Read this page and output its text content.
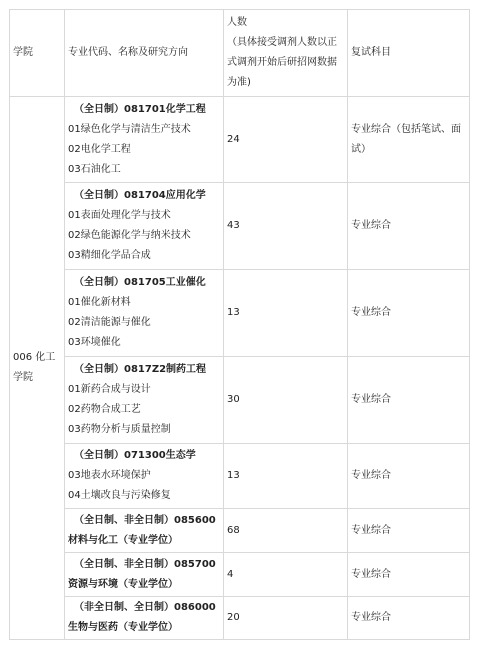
学院	专业代码、名称及研究方向	人数
（具体接受调剂人数以正
式调剂开始后研招网数据
为准)	复试科目

006 化工
学院	（全日制）081701化学工程
01绿色化学与清洁生产技术
02电化学工程
03石油化工	24	专业综合（包括笔试、面
试）

	（全日制）081704应用化学
01表面处理化学与技术
02绿色能源化学与纳米技术
03精细化学品合成	43	专业综合

	（全日制）081705工业催化
01催化新材料
02清洁能源与催化
03环境催化	13	专业综合

	（全日制）0817Z2制药工程
01新药合成与设计
02药物合成工艺
03药物分析与质量控制	30	专业综合

	（全日制）071300生态学
03地表水环境保护
04土壤改良与污染修复	13	专业综合

	（全日制、非全日制）085600
材料与化工（专业学位）	68	专业综合

	（全日制、非全日制）085700
资源与环境（专业学位）	4	专业综合

	（非全日制、全日制）086000
生物与医药（专业学位）	20	专业综合
